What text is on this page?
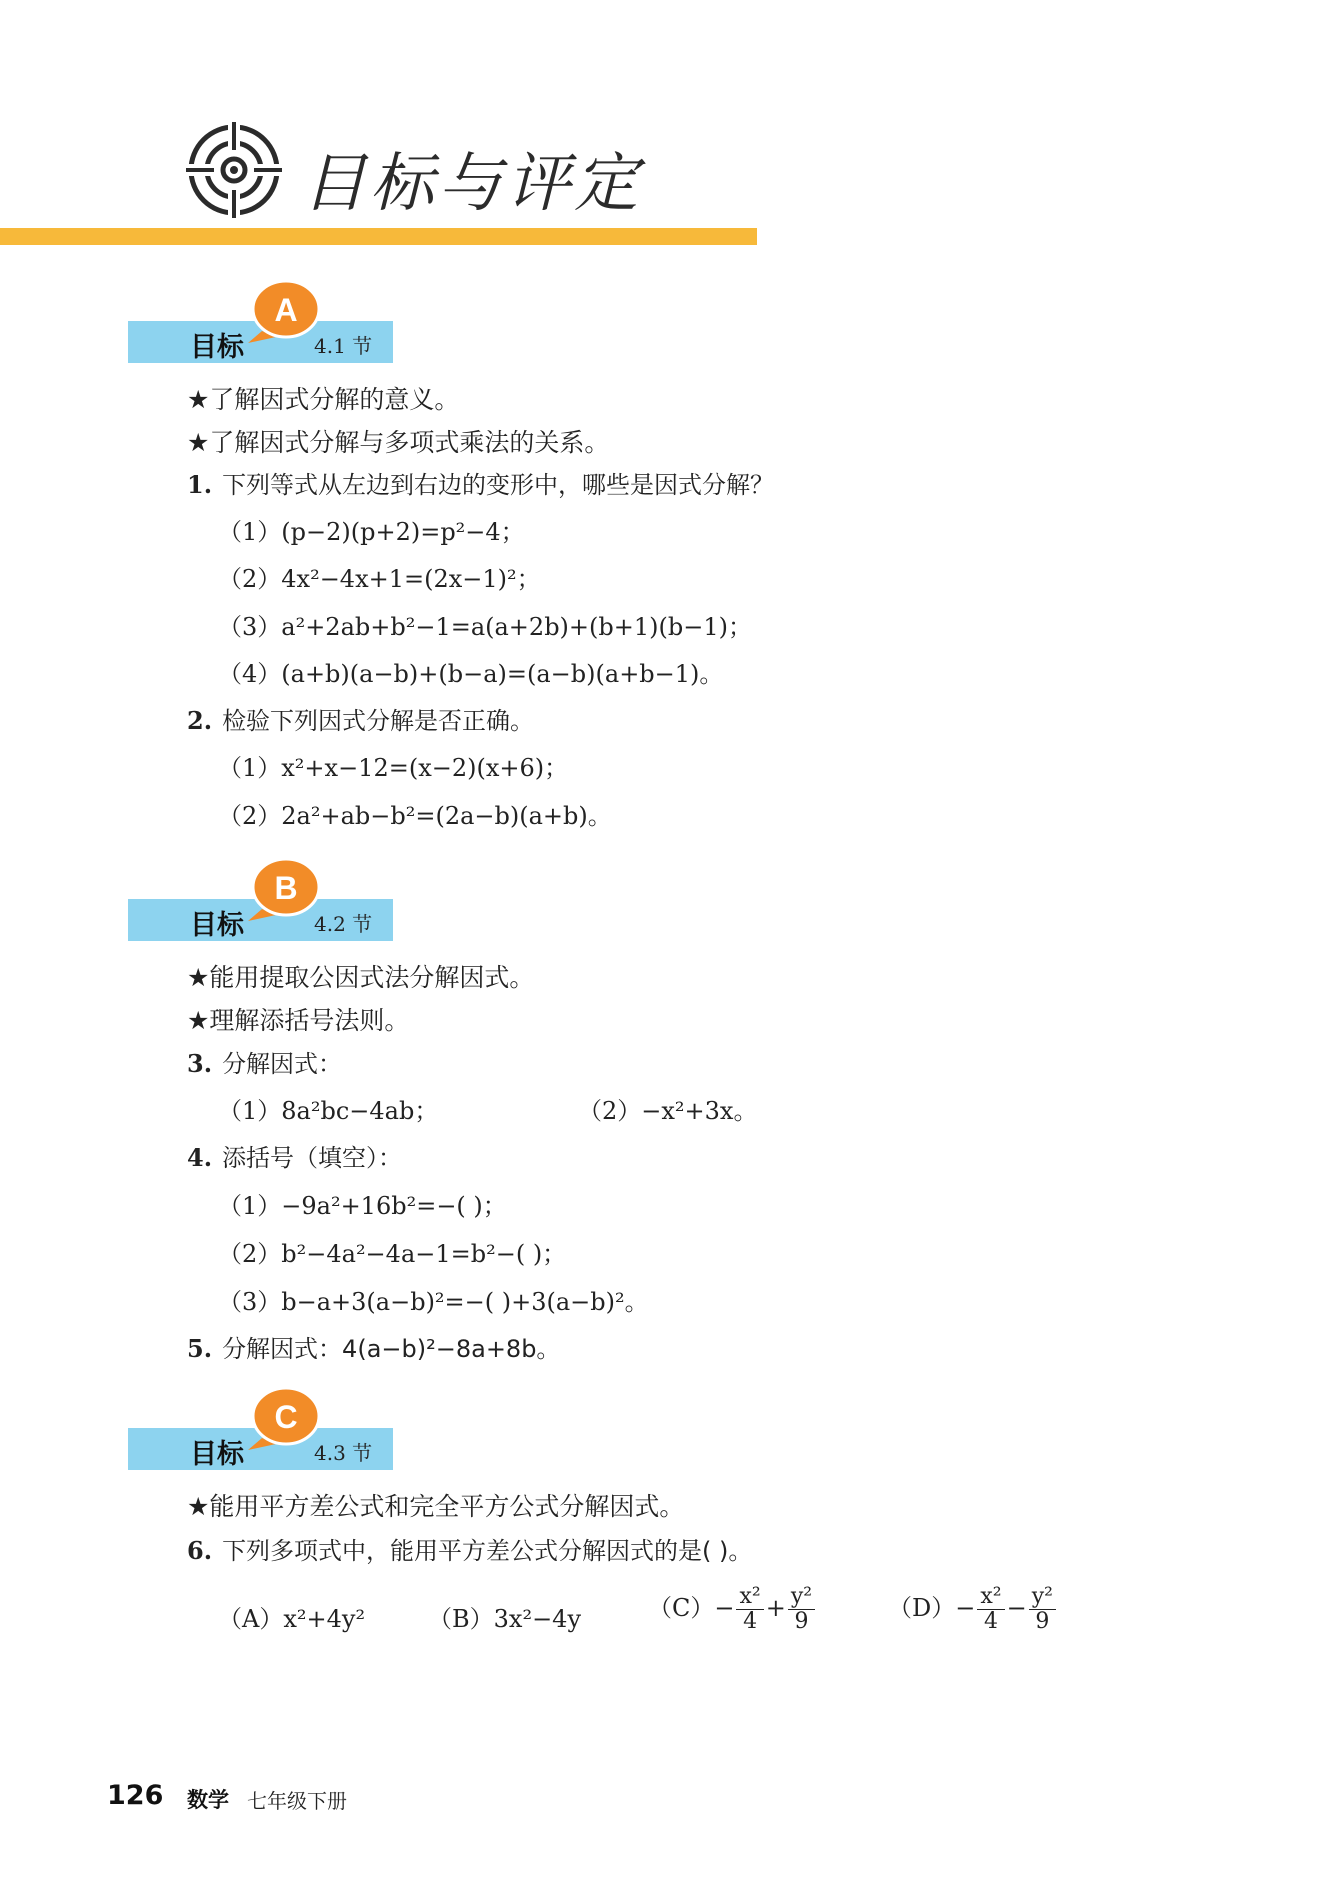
目标与评定
目标
A
4.1 节
★了解因式分解的意义。
★了解因式分解与多项式乘法的关系。
1. 下列等式从左边到右边的变形中，哪些是因式分解？
（1）(p−2)(p+2)=p²−4；
（2）4x²−4x+1=(2x−1)²；
（3）a²+2ab+b²−1=a(a+2b)+(b+1)(b−1)；
（4）(a+b)(a−b)+(b−a)=(a−b)(a+b−1)。
2. 检验下列因式分解是否正确。
（1）x²+x−12=(x−2)(x+6)；
（2）2a²+ab−b²=(2a−b)(a+b)。
目标
B
4.2 节
★能用提取公因式法分解因式。
★理解添括号法则。
3. 分解因式：
（1）8a²bc−4ab；	（2）−x²+3x。
4. 添括号（填空）：
（1）−9a²+16b²=−( )；
（2）b²−4a²−4a−1=b²−( )；
（3）b−a+3(a−b)²=−( )+3(a−b)²。
5. 分解因式：4(a−b)²−8a+8b。
目标
C
4.3 节
★能用平方差公式和完全平方公式分解因式。
6. 下列多项式中，能用平方差公式分解因式的是( )。
（A）x²+4y²	（B）3x²−4y	$(C)- \frac{\text{x²}}{4} + \frac{\text{y²}}{9}$	$(D)- \frac{\text{x²}}{4} - \frac{\text{y²}}{9}$
126 数学 七年级下册
